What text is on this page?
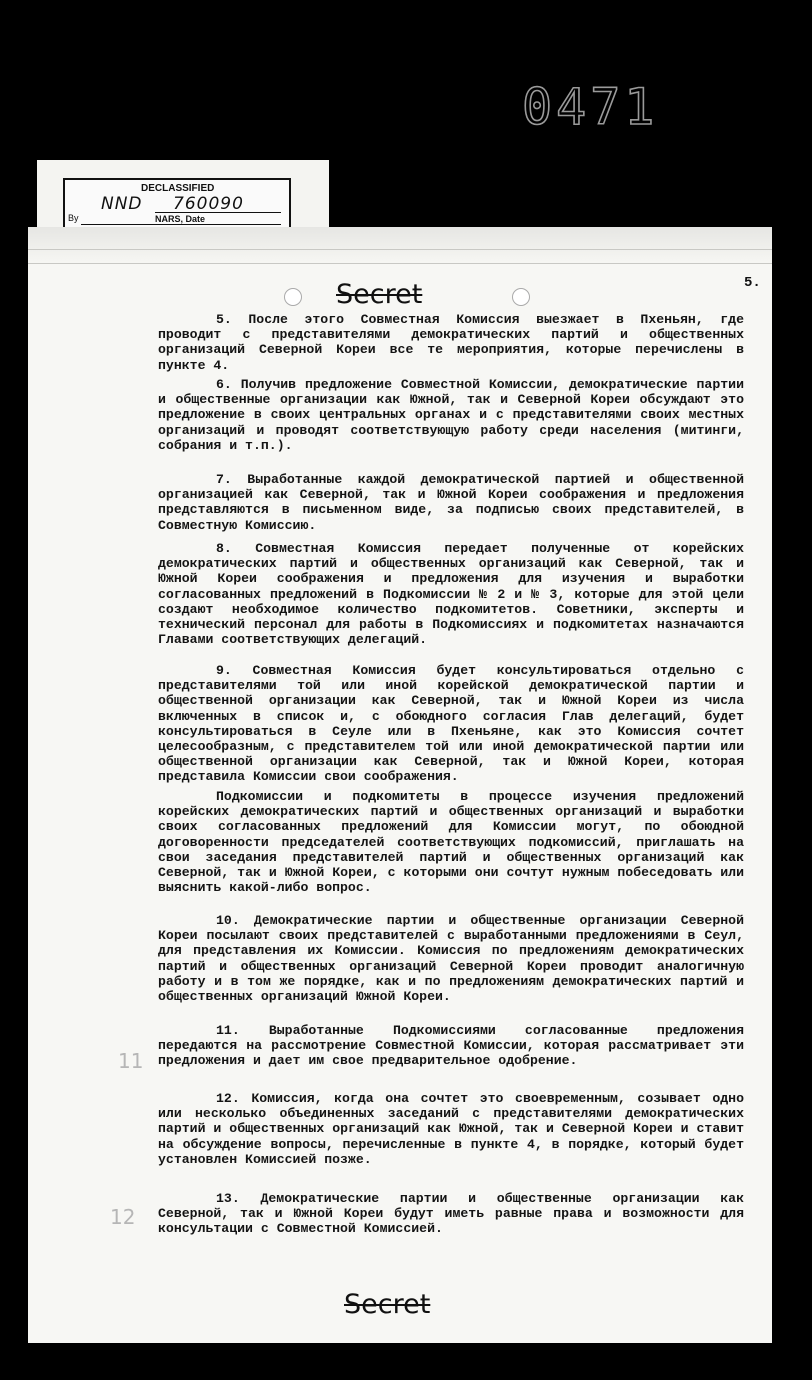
0471
DECLASSIFIED
NND 760090
By	NARS, Date
Secret	5.
5. После этого Совместная Комиссия выезжает в Пхеньян, где проводит с представителями демократических партий и общественных организаций Северной Кореи все те мероприятия, которые перечислены в пункте 4.
6. Получив предложение Совместной Комиссии, демократические партии и общественные организации как Южной, так и Северной Кореи обсуждают это предложение в своих центральных органах и с представителями своих местных организаций и проводят соответствующую работу среди населения (митинги, собрания и т.п.).
7. Выработанные каждой демократической партией и общественной организацией как Северной, так и Южной Кореи соображения и предложения представляются в письменном виде, за подписью своих представителей, в Совместную Комиссию.
8. Совместная Комиссия передает полученные от корейских демократических партий и общественных организаций как Северной, так и Южной Кореи соображения и предложения для изучения и выработки согласованных предложений в Подкомиссии № 2 и № 3, которые для этой цели создают необходимое количество подкомитетов. Советники, эксперты и технический персонал для работы в Подкомиссиях и подкомитетах назначаются Главами соответствующих делегаций.
9. Совместная Комиссия будет консультироваться отдельно с представителями той или иной корейской демократической партии и общественной организации как Северной, так и Южной Кореи из числа включенных в список и, с обоюдного согласия Глав делегаций, будет консультироваться в Сеуле или в Пхеньяне, как это Комиссия сочтет целесообразным, с представителем той или иной демократической партии или общественной организации как Северной, так и Южной Кореи, которая представила Комиссии свои соображения.
Подкомиссии и подкомитеты в процессе изучения предложений корейских демократических партий и общественных организаций и выработки своих согласованных предложений для Комиссии могут, по обоюдной договоренности председателей соответствующих подкомиссий, приглашать на свои заседания представителей партий и общественных организаций как Северной, так и Южной Кореи, с которыми они сочтут нужным побеседовать или выяснить какой-либо вопрос.
10. Демократические партии и общественные организации Северной Кореи посылают своих представителей с выработанными предложениями в Сеул, для представления их Комиссии. Комиссия по предложениям демократических партий и общественных организаций Северной Кореи проводит аналогичную работу и в том же порядке, как и по предложениям демократических партий и общественных организаций Южной Кореи.
11. Выработанные Подкомиссиями согласованные предложения передаются на рассмотрение Совместной Комиссии, которая рассматривает эти предложения и дает им свое предварительное одобрение.
12. Комиссия, когда она сочтет это своевременным, созывает одно или несколько объединенных заседаний с представителями демократических партий и общественных организаций как Южной, так и Северной Кореи и ставит на обсуждение вопросы, перечисленные в пункте 4, в порядке, который будет установлен Комиссией позже.
13. Демократические партии и общественные организации как Северной, так и Южной Кореи будут иметь равные права и возможности для консультации с Совместной Комиссией.
11
12
Secret
